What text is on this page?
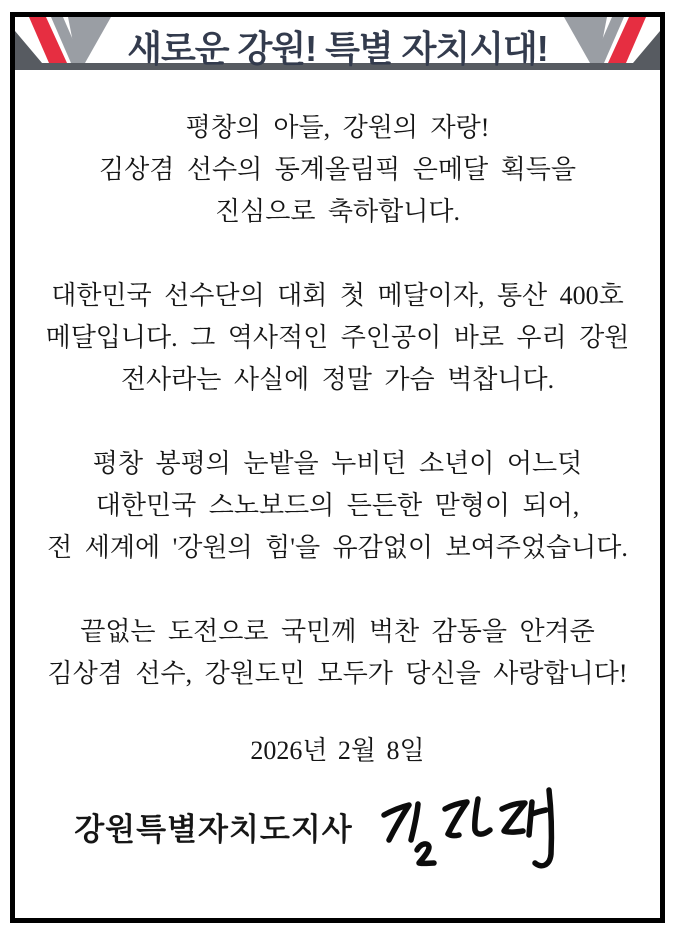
새로운 강원! 특별 자치시대!
평창의 아들, 강원의 자랑!
김상겸 선수의 동계올림픽 은메달 획득을
진심으로 축하합니다.
대한민국 선수단의 대회 첫 메달이자, 통산 400호
메달입니다. 그 역사적인 주인공이 바로 우리 강원
전사라는 사실에 정말 가슴 벅찹니다.
평창 봉평의 눈밭을 누비던 소년이 어느덧
대한민국 스노보드의 든든한 맏형이 되어,
전 세계에 '강원의 힘'을 유감없이 보여주었습니다.
끝없는 도전으로 국민께 벅찬 감동을 안겨준
김상겸 선수, 강원도민 모두가 당신을 사랑합니다!
2026년 2월 8일
강원특별자치도지사
